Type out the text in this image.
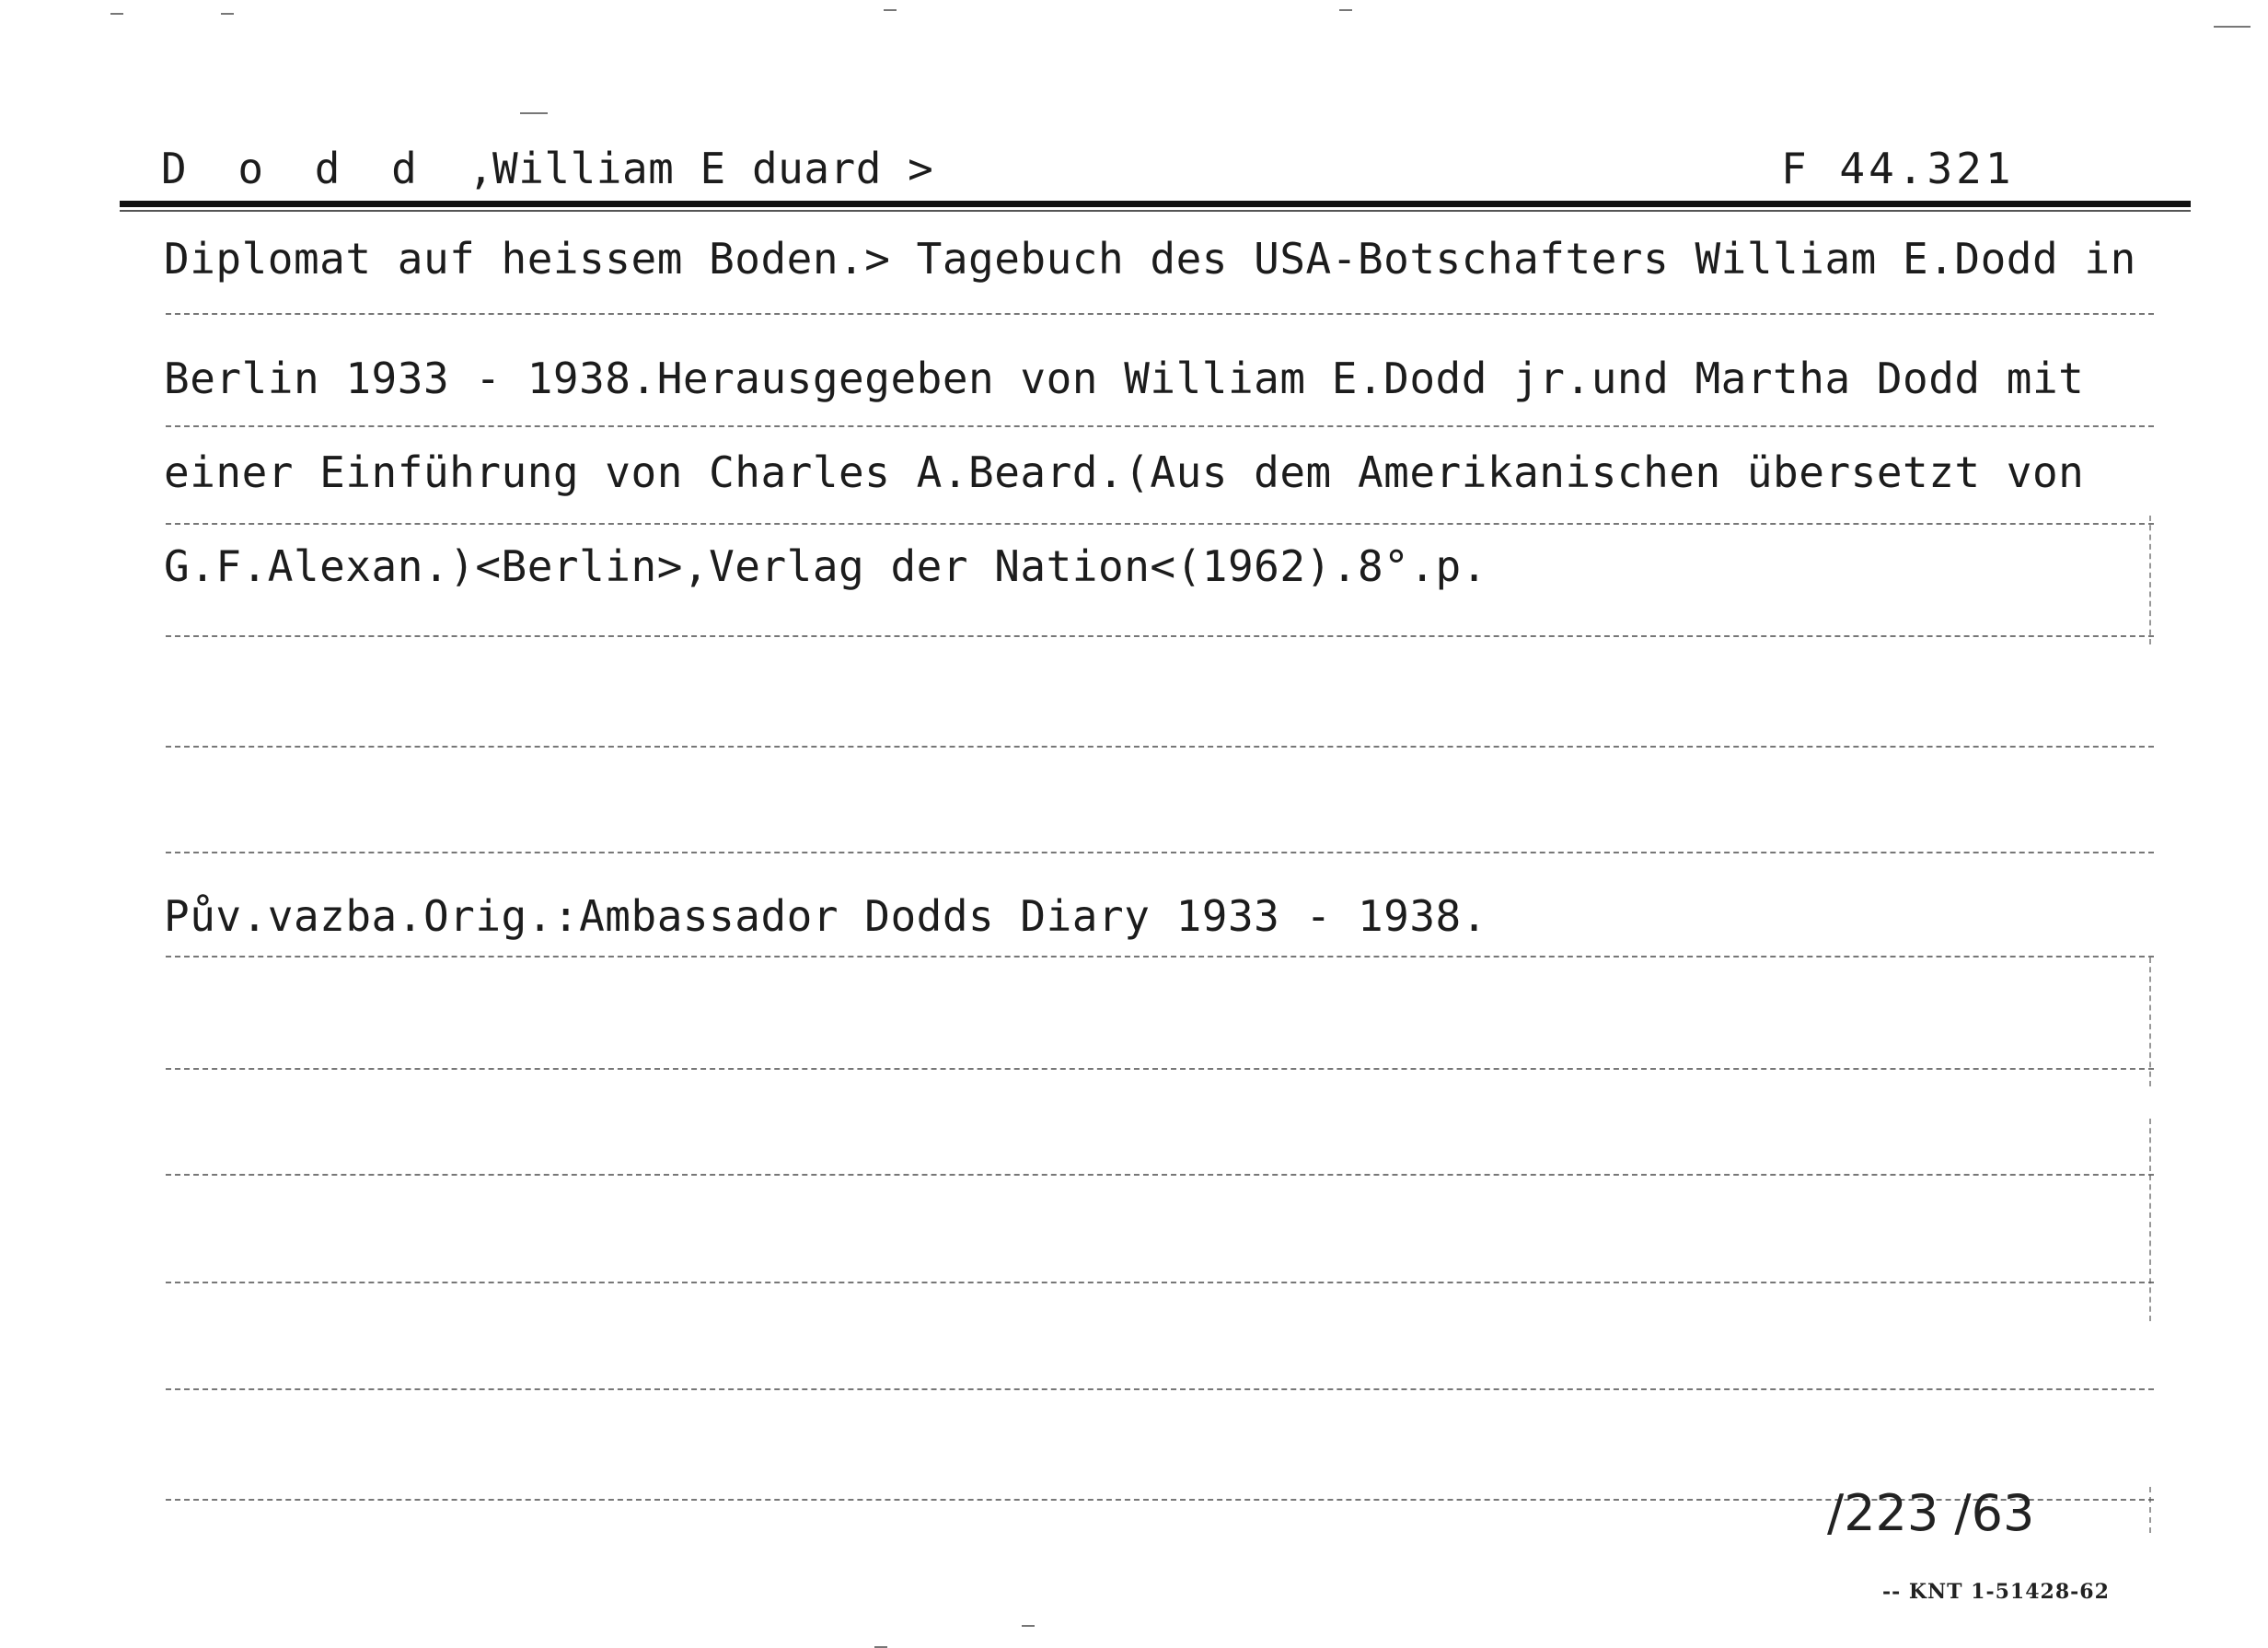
D o d d ,
William E duard >	F 44.321
Diplomat auf heissem Boden.> Tagebuch des USA-Botschafters William E.Dodd in
Berlin 1933 - 1938.Herausgegeben von William E.Dodd jr.und Martha Dodd mit
einer Einführung von Charles A.Beard.(Aus dem Amerikanischen übersetzt von
G.F.Alexan.)<Berlin>,Verlag der Nation<(1962).8°.p.
Pův.vazba.Orig.:Ambassador Dodds Diary 1933 - 1938.
/223 /63
-- KNT 1-51428-62
